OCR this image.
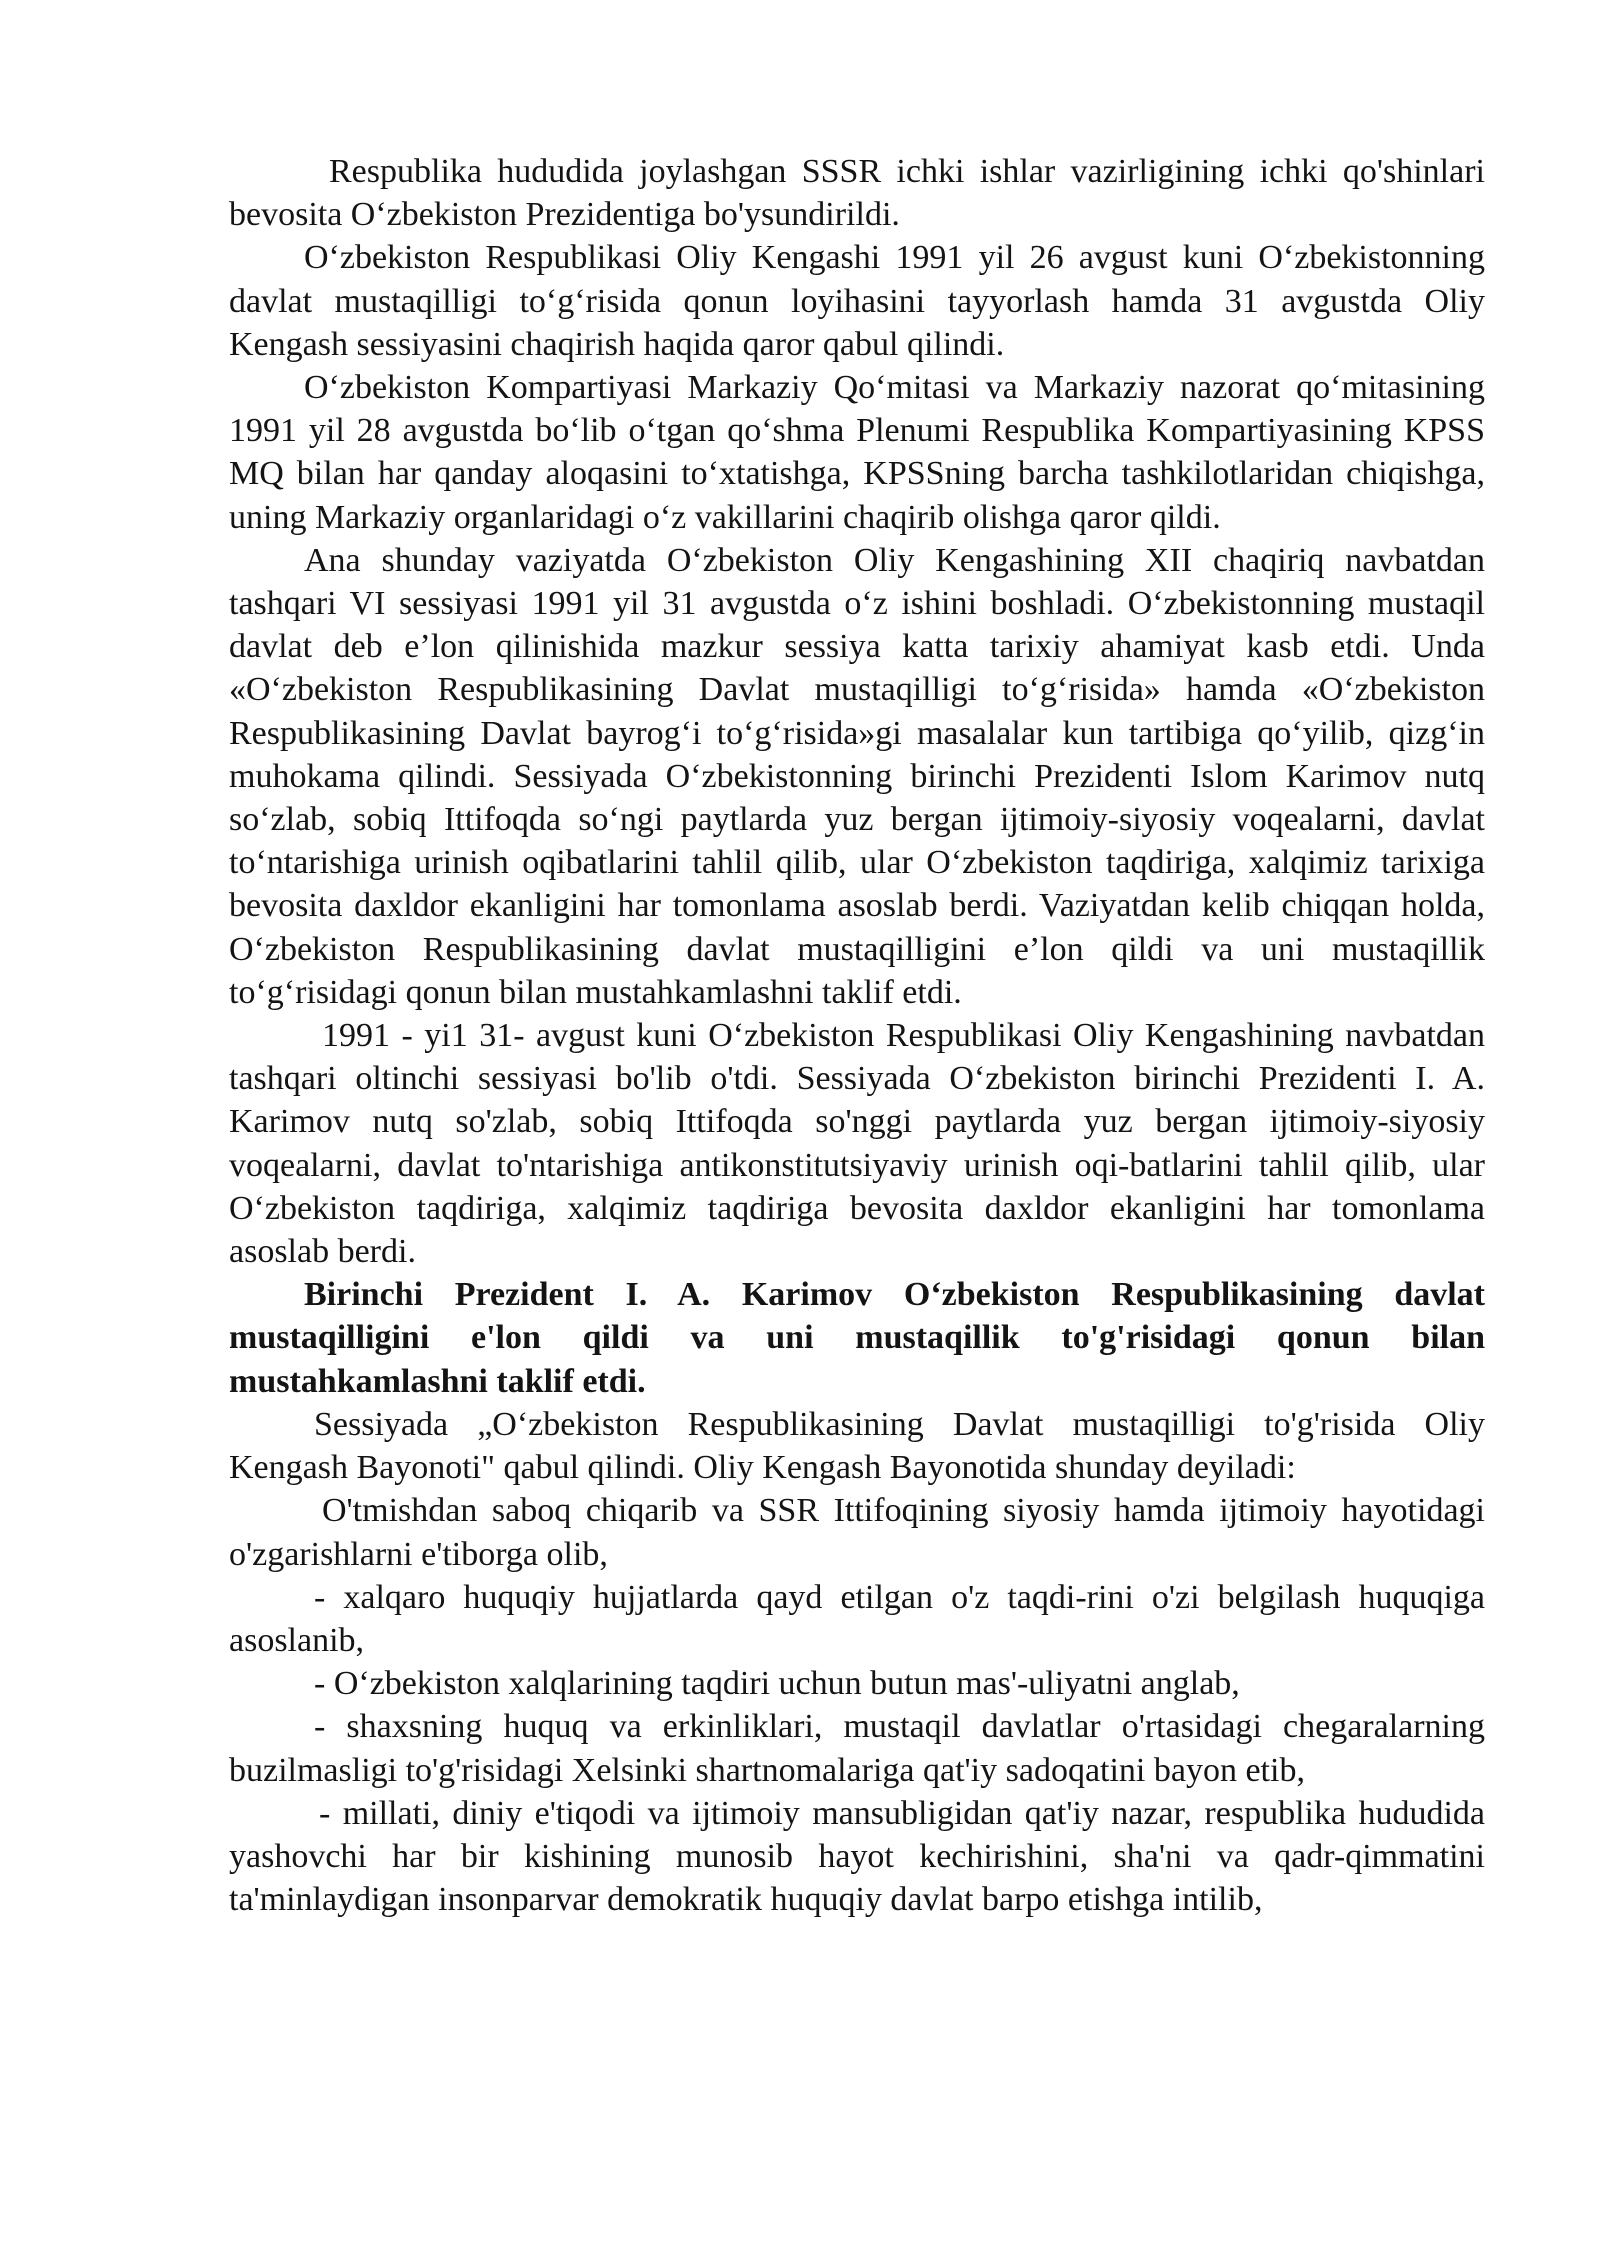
Respublika hududida joylashgan SSSR ichki ishlar vazirligining ichki qo'shinlari bevosita O‘zbekiston Prezidentiga bo'ysundirildi.

O‘zbekiston Respublikasi Oliy Kengashi 1991 yil 26 avgust kuni O‘zbekistonning davlat mustaqilligi to‘g‘risida qonun loyihasini tayyorlash hamda 31 avgustda Oliy Kengash sessiyasini chaqirish haqida qaror qabul qilindi.

O‘zbekiston Kompartiyasi Markaziy Qo‘mitasi va Markaziy nazorat qo‘mitasining 1991 yil 28 avgustda bo‘lib o‘tgan qo‘shma Plenumi Respublika Kompartiyasining KPSS MQ bilan har qanday aloqasini to‘xtatishga, KPSSning barcha tashkilotlaridan chiqishga, uning Markaziy organlaridagi o‘z vakillarini chaqirib olishga qaror qildi.

Ana shunday vaziyatda O‘zbekiston Oliy Kengashining XII chaqiriq navbatdan tashqari VI sessiyasi 1991 yil 31 avgustda o‘z ishini boshladi. O‘zbekistonning mustaqil davlat deb e’lon qilinishida mazkur sessiya katta tarixiy ahamiyat kasb etdi. Unda «O‘zbekiston Respublikasining Davlat mustaqilligi to‘g‘risida» hamda «O‘zbekiston Respublikasining Davlat bayrog‘i to‘g‘risida»gi masalalar kun tartibiga qo‘yilib, qizg‘in muhokama qilindi. Sessiyada O‘zbekistonning birinchi Prezidenti Islom Karimov nutq so‘zlab, sobiq Ittifoqda so‘ngi paytlarda yuz bergan ijtimoiy-siyosiy voqealarni, davlat to‘ntarishiga urinish oqibatlarini tahlil qilib, ular O‘zbekiston taqdiriga, xalqimiz tarixiga bevosita daxldor ekanligini har tomonlama asoslab berdi. Vaziyatdan kelib chiqqan holda, O‘zbekiston Respublikasining davlat mustaqilligini e’lon qildi va uni mustaqillik to‘g‘risidagi qonun bilan mustahkamlashni taklif etdi.

1991 - yi1 31- avgust kuni O‘zbekiston Respublikasi Oliy Kengashining navbatdan tashqari oltinchi sessiyasi bo'lib o'tdi. Sessiyada O‘zbekiston birinchi Prezidenti I. A. Karimov nutq so'zlab, sobiq Ittifoqda so'nggi paytlarda yuz bergan ijtimoiy-siyosiy voqealarni, davlat to'ntarishiga antikonstitutsiyaviy urinish oqi-batlarini tahlil qilib, ular O‘zbekiston taqdiriga, xalqimiz taqdiriga bevosita daxldor ekanligini har tomonlama asoslab berdi.

Birinchi Prezident I. A. Karimov O‘zbekiston Respublikasining davlat mustaqilligini e'lon qildi va uni mustaqillik to'g'risidagi qonun bilan mustahkamlashni taklif etdi.

Sessiyada „O‘zbekiston Respublikasining Davlat mustaqilligi to'g'risida Oliy Kengash Bayonoti" qabul qilindi. Oliy Kengash Bayonotida shunday deyiladi:

O'tmishdan saboq chiqarib va SSR Ittifoqining siyosiy hamda ijtimoiy hayotidagi o'zgarishlarni e'tiborga olib,

- xalqaro huquqiy hujjatlarda qayd etilgan o'z taqdi-rini o'zi belgilash huquqiga asoslanib,

- O‘zbekiston xalqlarining taqdiri uchun butun mas'-uliyatni anglab,

- shaxsning huquq va erkinliklari, mustaqil davlatlar o'rtasidagi chegaralarning buzilmasligi to'g'risidagi Xelsinki shartnomalariga qat'iy sadoqatini bayon etib,

- millati, diniy e'tiqodi va ijtimoiy mansubligidan qat'iy nazar, respublika hududida yashovchi har bir kishining munosib hayot kechirishini, sha'ni va qadr-qimmatini ta'minlaydigan insonparvar demokratik huquqiy davlat barpo etishga intilib,
